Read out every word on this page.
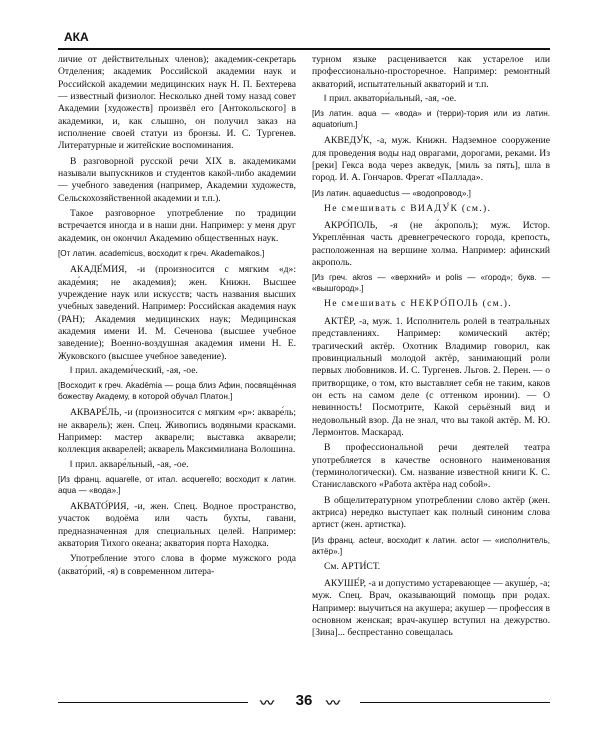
АКА

личие от действительных членов); академик-секретарь Отделения; академик Российской академии наук и Российской академии медицинских наук Н. П. Бехтерева — известный физиолог. Несколько дней тому назад совет Академии [художеств] произвёл его [Антокольского] в академики, и, как слышно, он получил заказ на исполнение своей статуи из бронзы. И. С. Тургенев. Литературные и житейские воспоминания.

В разговорной русской речи XIX в. академиками называли выпускников и студентов какой-либо академии — учебного заведения (например, Академии художеств, Сельскохозяйственной академии и т.п.).

Такое разговорное употребление по традиции встречается иногда и в наши дни. Например: у меня друг академик, он окончил Академию общественных наук.

[От латин. academicus, восходит к греч. Akademaikos.]

АКАДЕ́МИЯ, -и (произносится с мягким «д»: акаде́мия; не академия); жен. Книжн. Высшее учреждение наук или искусств; часть названия высших учебных заведений. Например: Российская академия наук (РАН); Академия медицинских наук; Медицинская академия имени И. М. Сеченова (высшее учебное заведение); Военно-воздушная академия имени Н. Е. Жуковского (высшее учебное заведение).

‖ прил. академи́ческий, -ая, -ое.

[Восходит к греч. Akadēmia — роща близ Афин, посвящённая божеству Академу, в которой обучал Платон.]

АКВАРЕ́ЛЬ, -и (произносится с мягким «р»: акваре́ль; не акварель); жен. Спец. Живопись водяными красками. Например: мастер акварели; выставка акварели; коллекция акварелей; акварель Максимилиана Волошина.

‖ прил. акваре́льный, -ая, -ое.

[Из франц. aquarelle, от итал. acquerello; восходит к латин. aqua — «вода».]

АКВАТО́РИЯ, -и, жен. Спец. Водное пространство, участок водоёма или часть бухты, гавани, предназначенная для специальных целей. Например: акватория Тихого океана; акватория порта Находка.

Употребление этого слова в форме мужского рода (аквато́рий, -я) в современном литера-

турном языке расценивается как устарелое или профессионально-просторечное. Например: ремонтный акваторий, испытательный акваторий и т.п.

‖ прил. акватори́альный, -ая, -ое.

[Из латин. aqua — «вода» и (терри)-тория или из латин. aquatorium.]

АКВЕДУ́К, -а, муж. Книжн. Надземное сооружение для проведения воды над оврагами, дорогами, реками. Из [реки] Гекса вода через акведук, [миль за пять], шла в город. И. А. Гончаров. Фрегат «Паллада».

[Из латин. aquaeductus — «водопровод».]

Не смешивать с ВИАДУ́К (см.).

АКРО́ПОЛЬ, -я (не а́крополь); муж. Истор. Укреплённая часть древнегреческого города, крепость, расположенная на вершине холма. Например: афинский акрополь.

[Из греч. akros — «верхний» и polis — «город»; букв. — «вышгород».]

Не смешивать с НЕКРО́ПОЛЬ (см.).

АКТЁР, -а, муж. 1. Исполнитель ролей в театральных представлениях. Например: комический актёр; трагический актёр. Охотник Владимир говорил, как провинциальный молодой актёр, занимающий роли первых любовников. И. С. Тургенев. Льгов. 2. Перен. — о притворщике, о том, кто выставляет себя не таким, каков он есть на самом деле (с оттенком иронии). — О невинность! Посмотрите, Какой серьёзный вид и недовольный взор. Да не знал, что вы такой актёр. М. Ю. Лермонтов. Маскарад.

В профессиональной речи деятелей театра употребляется в качестве основного наименования (терминологически). См. название известной книги К. С. Станиславского «Работа актёра над собой».

В общелитературном употреблении слово актёр (жен. актриса) нередко выступает как полный синоним слова артист (жен. артистка).

[Из франц. acteur, восходит к латин. actor — «исполнитель, актёр».]

См. АРТИ́СТ.

АКУШЕ́Р, -а и допустимо устаревающее — акуше́р, -а; муж. Спец. Врач, оказывающий помощь при родах. Например: выучиться на акушера; акушер — профессия в основном женская; врач-акушер вступил на дежурство. [Зина]... беспрестанно совещалась

〰	36 〰
